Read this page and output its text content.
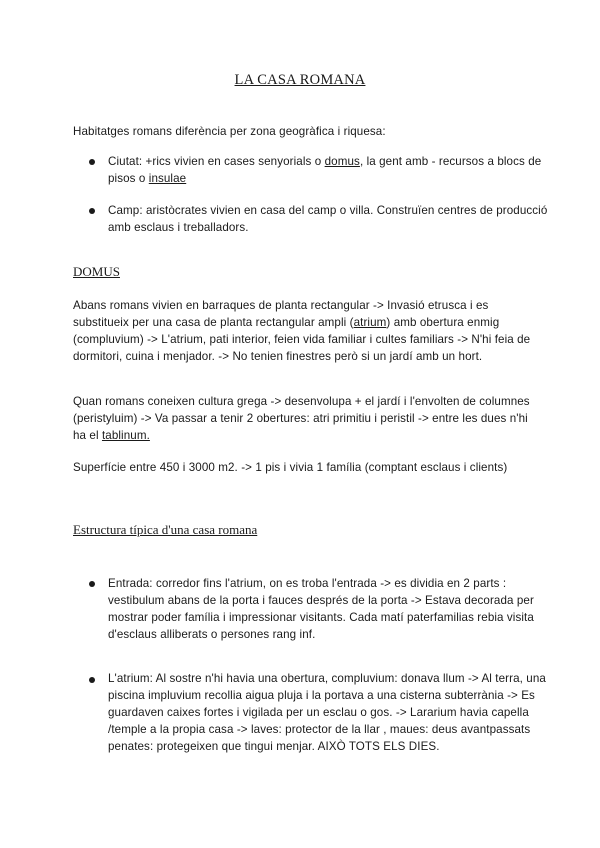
LA CASA ROMANA
Habitatges romans diferència per zona geogràfica i riquesa:
Ciutat: +rics vivien en cases senyorials o domus, la gent amb - recursos a blocs de pisos o insulae
Camp: aristòcrates vivien en casa del camp o villa. Construïen centres de producció amb esclaus i treballadors.
DOMUS
Abans romans vivien en barraques de planta rectangular -> Invasió etrusca i es substitueix per una casa de planta rectangular ampli (atrium) amb obertura enmig (compluvium) -> L'atrium, pati interior, feien vida familiar i cultes familiars -> N'hi feia de dormitori, cuina i menjador. -> No tenien finestres però si un jardí amb un hort.
Quan romans coneixen cultura grega -> desenvolupa + el jardí i l'envolten de columnes (peristyluim) -> Va passar a tenir 2 obertures: atri primitiu i peristil -> entre les dues n'hi ha el tablinum.
Superfície entre 450 i 3000 m2. -> 1 pis i vivia 1 família (comptant esclaus i clients)
Estructura típica d'una casa romana
Entrada: corredor fins l'atrium, on es troba l'entrada -> es dividia en 2 parts : vestibulum abans de la porta i fauces després de la porta -> Estava decorada per mostrar poder família i impressionar visitants. Cada matí paterfamilias rebia visita d'esclaus alliberats o persones rang inf.
L'atrium: Al sostre n'hi havia una obertura, compluvium: donava llum -> Al terra, una piscina impluvium recollia aigua pluja i la portava a una cisterna subterrània -> Es guardaven caixes fortes i vigilada per un esclau o gos. -> Lararium havia capella /temple a la propia casa -> laves: protector de la llar , maues: deus avantpassats penates: protegeixen que tingui menjar. AIXÒ TOTS ELS DIES.
